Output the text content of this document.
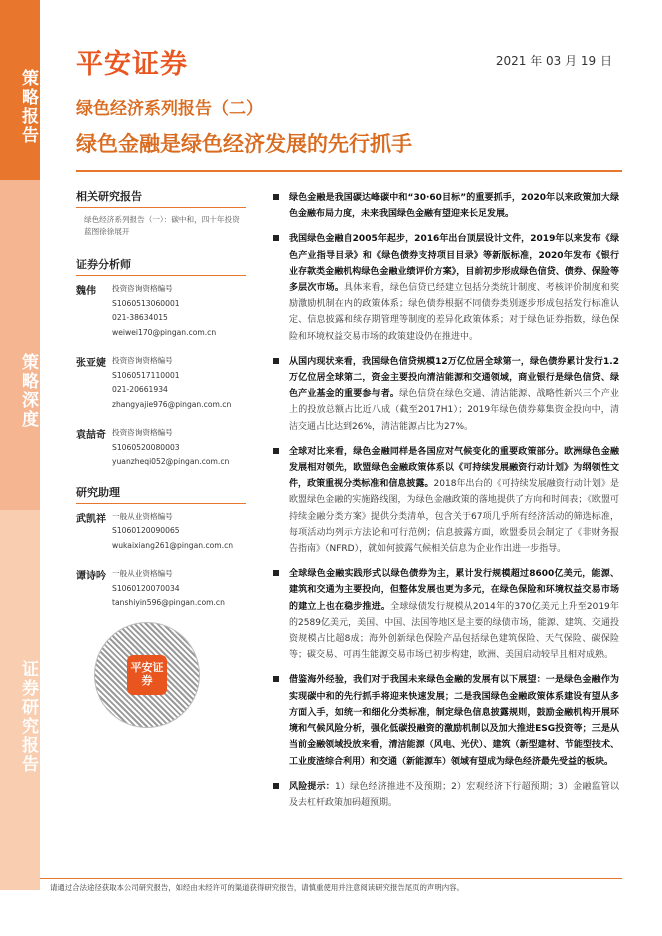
策略报告
策略深度
证券研究报告
平安证券	2021 年 03 月 19 日
绿色经济系列报告（二）
绿色金融是绿色经济发展的先行抓手
相关研究报告
绿色经济系列报告（一）：碳中和，四十年投资蓝图徐徐展开
证券分析师
魏伟	投资咨询资格编号
S1060513060001
021-38634015
weiwei170@pingan.com.cn
张亚婕 投资咨询资格编号
S1060517110001
021-20661934
zhangyajie976@pingan.com.cn
袁喆奇 投资咨询资格编号
S1060520080003
yuanzheqi052@pingan.com.cn
研究助理
武凯祥 一般从业资格编号
S1060120090065
wukaixiang261@pingan.com.cn
谭诗吟 一般从业资格编号
S1060120070034
tanshiyin596@pingan.com.cn
平安证券
绿色金融是我国碳达峰碳中和“30·60目标”的重要抓手，2020年以来政策加大绿色金融布局力度，未来我国绿色金融有望迎来长足发展。
我国绿色金融自2005年起步，2016年出台顶层设计文件，2019年以来发布《绿色产业指导目录》和《绿色债券支持项目目录》等新版标准，2020年发布《银行业存款类金融机构绿色金融业绩评价方案》，目前初步形成绿色信贷、债券、保险等多层次市场。具体来看，绿色信贷已经建立包括分类统计制度、考核评价制度和奖励激励机制在内的政策体系；绿色债券根据不同债券类别逐步形成包括发行标准认定、信息披露和续存期管理等制度的差异化政策体系；对于绿色证券指数，绿色保险和环境权益交易市场的政策建设仍在推进中。
从国内现状来看，我国绿色信贷规模12万亿位居全球第一，绿色债券累计发行1.2万亿位居全球第二，资金主要投向清洁能源和交通领域，商业银行是绿色信贷、绿色产业基金的重要参与者。绿色信贷在绿色交通、清洁能源、战略性新兴三个产业上的投放总额占比近八成（截至2017H1）；2019年绿色债券募集资金投向中，清洁交通占比达到26%，清洁能源占比为27%。
全球对比来看，绿色金融同样是各国应对气候变化的重要政策部分。欧洲绿色金融发展相对领先，欧盟绿色金融政策体系以《可持续发展融资行动计划》为纲领性文件，政策重视分类标准和信息披露。2018年出台的《可持续发展融资行动计划》是欧盟绿色金融的实施路线图，为绿色金融政策的落地提供了方向和时间表；《欧盟可持续金融分类方案》提供分类清单，包含关于67项几乎所有经济活动的筛选标准，每项活动均列示方法论和可行范例；信息披露方面，欧盟委员会制定了《非财务报告指南》（NFRD），就如何披露气候相关信息为企业作出进一步指导。
全球绿色金融实践形式以绿色债券为主，累计发行规模超过8600亿美元，能源、建筑和交通为主要投向，但整体发展也更为多元，在绿色保险和环境权益交易市场的建立上也在稳步推进。全球绿债发行规模从2014年的370亿美元上升至2019年的2589亿美元，美国、中国、法国等地区是主要的绿债市场，能源、建筑、交通投资规模占比超8成；海外创新绿色保险产品包括绿色建筑保险、天气保险、碳保险等；碳交易、可再生能源交易市场已初步构建，欧洲、美国启动较早且相对成熟。
借鉴海外经验，我们对于我国未来绿色金融的发展有以下展望：一是绿色金融作为实现碳中和的先行抓手将迎来快速发展；二是我国绿色金融政策体系建设有望从多方面入手，如统一和细化分类标准，制定绿色信息披露规则，鼓励金融机构开展环境和气候风险分析，强化低碳投融资的激励机制以及加大推进ESG投资等；三是从当前金融领域投放来看，清洁能源（风电、光伏）、建筑（新型建材、节能型技术、工业废渣综合利用）和交通（新能源车）领域有望成为绿色经济最先受益的板块。
风险提示：1）绿色经济推进不及预期；2）宏观经济下行超预期；3）金融监管以及去杠杆政策加码超预期。
请通过合法途径获取本公司研究报告，如经由未经许可的渠道获得研究报告，请慎重使用并注意阅读研究报告尾页的声明内容。
